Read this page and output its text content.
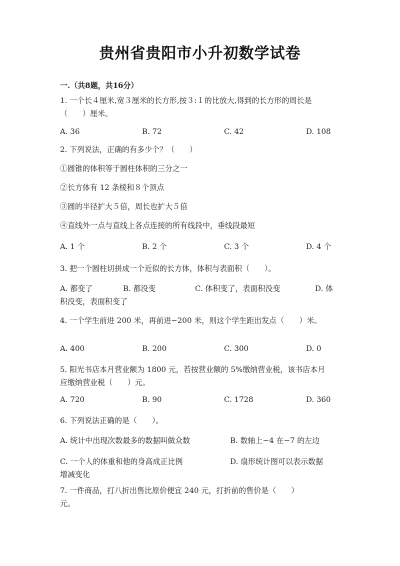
贵州省贵阳市小升初数学试卷
一.（共8题，共16分）
1. 一个长４厘米,宽３厘米的长方形,按３:１的比放大,得到的长方形的周长是
（　　）厘米。
A. 36	B. 72	C. 42	D. 108
2. 下列说法，正确的有多少个？（　　）
①圆锥的体积等于圆柱体积的三分之一
②长方体有 12 条棱和８个顶点
③圆的半径扩大５倍，周长也扩大５倍
④直线外一点与直线上各点连接的所有线段中，垂线段最短
A. 1 个	B. 2 个	C. 3 个	D. 4 个
3. 把一个圆柱切拼成一个近似的长方体，体积与表面积（　　）。
A. 都变了	B. 都没变	C. 体积变了，表面积没变	D. 体
积没变，表面积变了
4. 一个学生前进 200 米，再前进−200 米，则这个学生距出发点（　　）米。
A. 400	B. 200	C. 300	D. 0
5. 阳光书店本月营业额为 1800 元，若按营业额的 5%缴纳营业税，该书店本月
应缴纳营业税（　　）元。
A. 720	B. 90	C. 1728	D. 360
6. 下列说法正确的是（　　）。
A. 统计中出现次数最多的数据叫做众数	B. 数轴上−4 在−7 的左边
C. 一个人的体重和他的身高成正比例	D. 扇形统计图可以表示数据
增减变化
7. 一件商品，打八折出售比原价便宜 240 元，打折前的售价是（　　）
元。
